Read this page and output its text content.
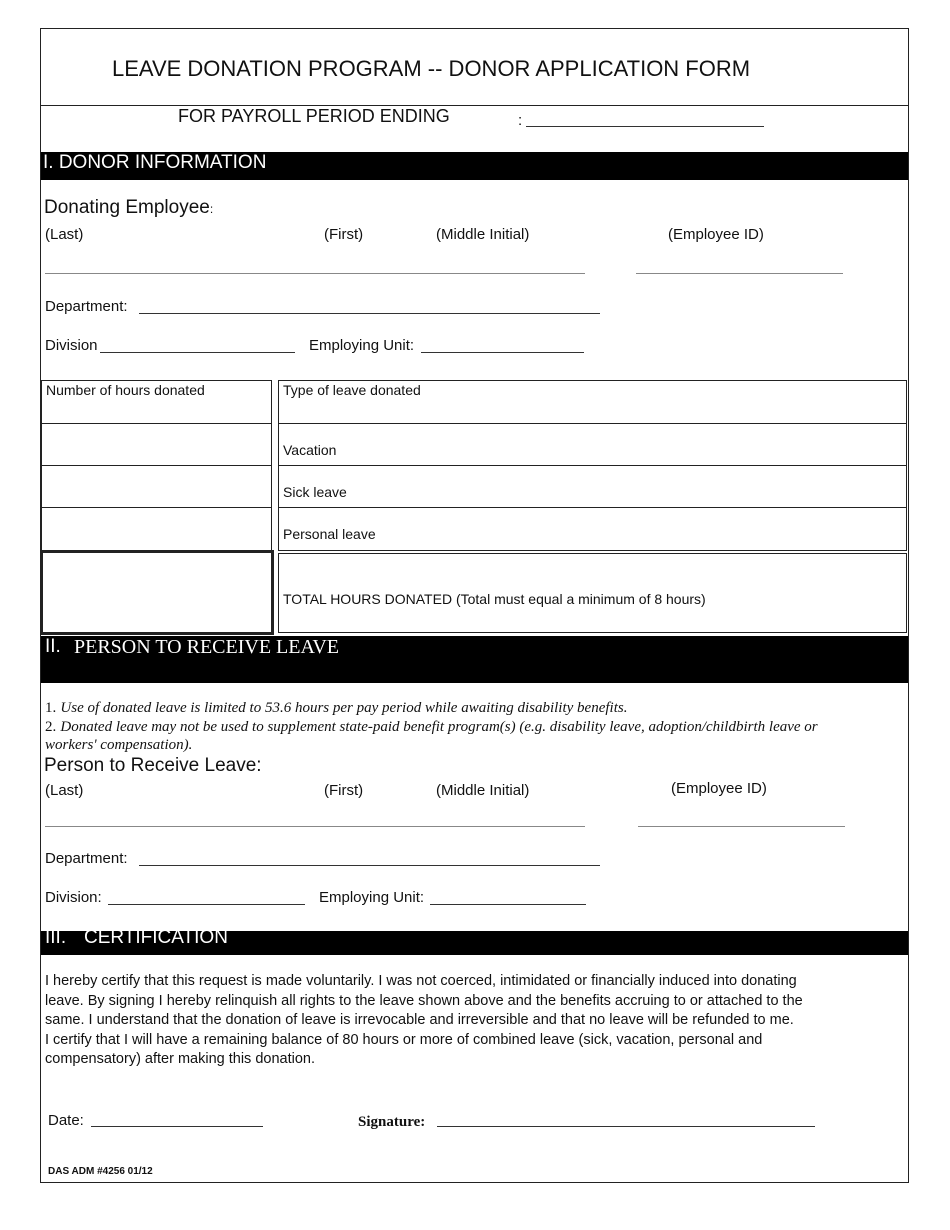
LEAVE DONATION PROGRAM -- DONOR APPLICATION FORM
FOR PAYROLL PERIOD ENDING	:
I. DONOR INFORMATION
Donating Employee:
(Last)	(First)	(Middle Initial)	(Employee ID)
Department:
Division	Employing Unit:
Number of hours donated	Type of leave donated
Vacation
Sick leave
Personal leave
TOTAL HOURS DONATED (Total must equal a minimum of 8 hours)
II. PERSON TO RECEIVE LEAVE
1. Use of donated leave is limited to 53.6 hours per pay period while awaiting disability benefits.
2. Donated leave may not be used to supplement state-paid benefit program(s) (e.g. disability leave, adoption/childbirth leave or
workers' compensation).
Person to Receive Leave:
(Last)	(First)	(Middle Initial)	(Employee ID)
Department:
Division:	Employing Unit:
III. CERTIFICATION
I hereby certify that this request is made voluntarily. I was not coerced, intimidated or financially induced into donating
leave. By signing I hereby relinquish all rights to the leave shown above and the benefits accruing to or attached to the
same. I understand that the donation of leave is irrevocable and irreversible and that no leave will be refunded to me.
I certify that I will have a remaining balance of 80 hours or more of combined leave (sick, vacation, personal and
compensatory) after making this donation.
Date:	Signature:
DAS ADM #4256 01/12
